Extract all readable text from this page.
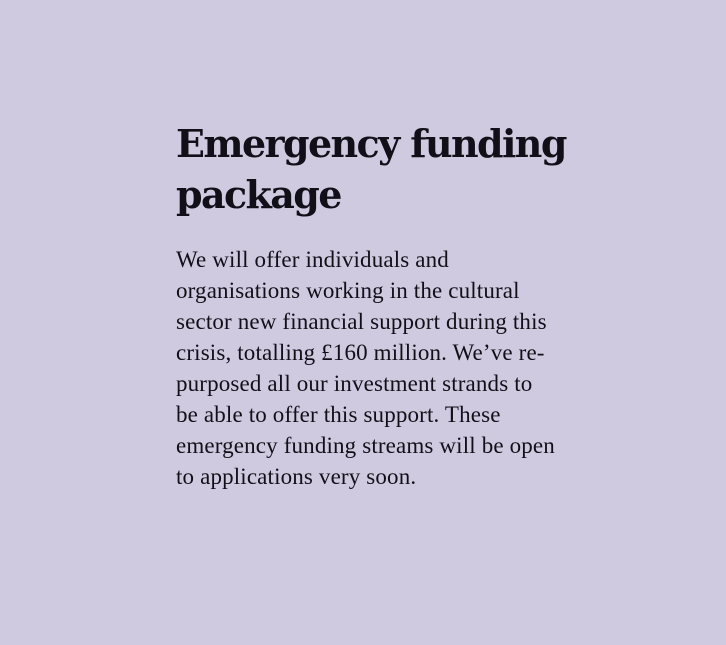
Emergency funding package

We will offer individuals and organisations working in the cultural sector new financial support during this crisis, totalling £160 million. We’ve re-purposed all our investment strands to be able to offer this support. These emergency funding streams will be open to applications very soon.
